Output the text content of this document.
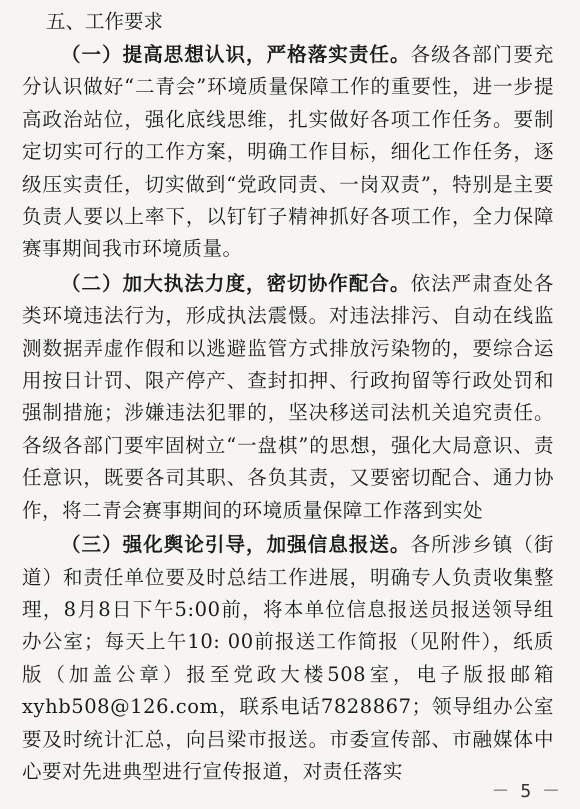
五、工作要求

（一）提高思想认识，严格落实责任。各级各部门要充分认识做好“二青会”环境质量保障工作的重要性，进一步提高政治站位，强化底线思维，扎实做好各项工作任务。要制定切实可行的工作方案，明确工作目标，细化工作任务，逐级压实责任，切实做到“党政同责、一岗双责”，特别是主要负责人要以上率下，以钉钉子精神抓好各项工作，全力保障赛事期间我市环境质量。

（二）加大执法力度，密切协作配合。依法严肃查处各类环境违法行为，形成执法震慑。对违法排污、自动在线监测数据弄虚作假和以逃避监管方式排放污染物的，要综合运用按日计罚、限产停产、查封扣押、行政拘留等行政处罚和强制措施；涉嫌违法犯罪的，坚决移送司法机关追究责任。各级各部门要牢固树立“一盘棋”的思想，强化大局意识、责任意识，既要各司其职、各负其责，又要密切配合、通力协作，将二青会赛事期间的环境质量保障工作落到实处

（三）强化舆论引导，加强信息报送。各所涉乡镇（街道）和责任单位要及时总结工作进展，明确专人负责收集整理，8月8日下午5:00前，将本单位信息报送员报送领导组办公室；每天上午10: 00前报送工作简报（见附件），纸质版（加盖公章）报至党政大楼508室，电子版报邮箱 xyhb508@126.com，联系电话7828867；领导组办公室要及时统计汇总，向吕梁市报送。市委宣传部、市融媒体中心要对先进典型进行宣传报道，对责任落实

－ 5 －
